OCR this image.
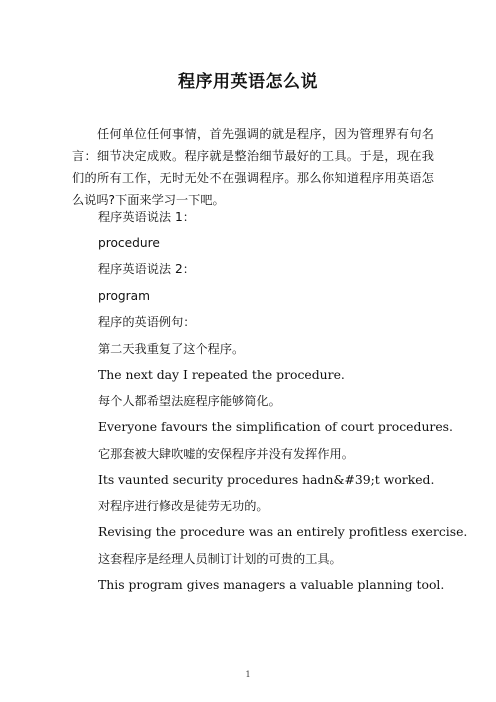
程序用英语怎么说
任何单位任何事情，首先强调的就是程序，因为管理界有句名言：细节决定成败。程序就是整治细节最好的工具。于是，现在我们的所有工作，无时无处不在强调程序。那么你知道程序用英语怎么说吗?下面来学习一下吧。
程序英语说法 1：
procedure
程序英语说法 2：
program
程序的英语例句：
第二天我重复了这个程序。
The next day I repeated the procedure.
每个人都希望法庭程序能够简化。
Everyone favours the simplification of court procedures.
它那套被大肆吹嘘的安保程序并没有发挥作用。
Its vaunted security procedures hadn&#39;t worked.
对程序进行修改是徒劳无功的。
Revising the procedure was an entirely profitless exercise.
这套程序是经理人员制订计划的可贵的工具。
This program gives managers a valuable planning tool.
1
